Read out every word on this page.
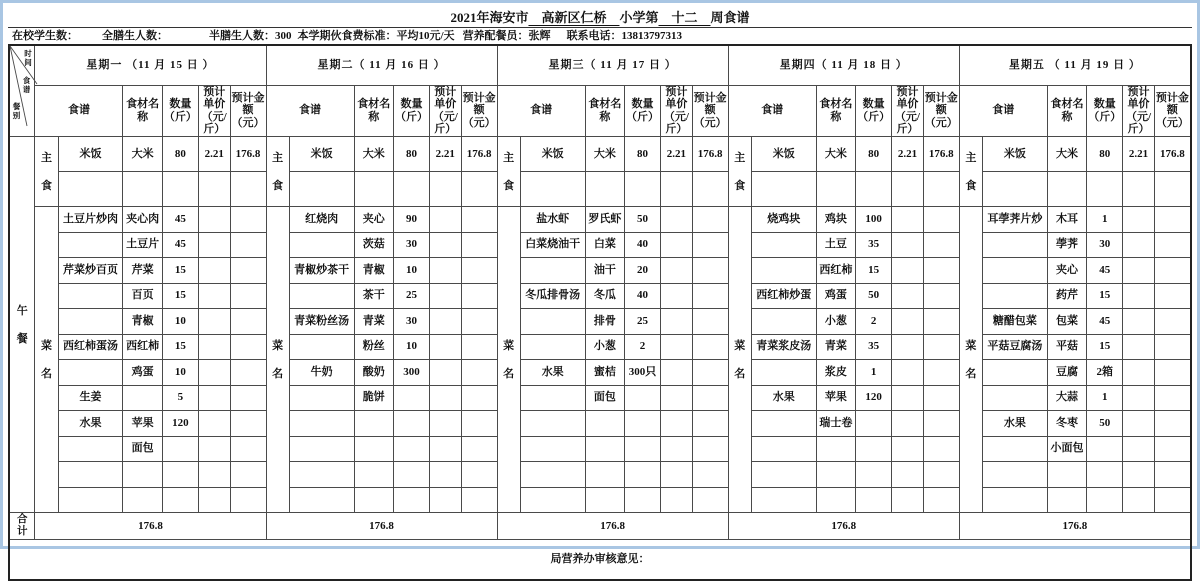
2021年海安市　高新区仁桥　小学第　十二　周食谱
在校学生数： 全膳生人数：	半膳生人数：300 本学期伙食费标准：平均10元/天 营养配餐员：张辉 联系电话：13813797313
时间
食谱
餐别	星期一 （11 月 15 日 ）						星期二（ 11 月 16 日 ）						星期三（ 11 月 17 日 ）						星期四（ 11 月 18 日 ）						星期五 （ 11 月 19 日 ）					
	食谱		食材名称	数量（斤）	预计单价（元/斤）	预计金额（元）	食谱		食材名称	数量（斤）	预计单价（元/斤）	预计金额（元）	食谱		食材名称	数量（斤）	预计单价（元/斤）	预计金额（元）	食谱		食材名称	数量（斤）	预计单价（元/斤）	预计金额（元）	食谱		食材名称	数量（斤）	预计单价（元/斤）	预计金额（元）
午餐	主食	米饭	大米	80	2.21	176.8	主食	米饭	大米	80	2.21	176.8	主食	米饭	大米	80	2.21	176.8	主食	米饭	大米	80	2.21	176.8	主食	米饭	大米	80	2.21	176.8

	菜名	土豆片炒肉	夹心肉	45			菜名	红烧肉	夹心	90			菜名	盐水虾	罗氏虾	50			菜名	烧鸡块	鸡块	100			菜名	耳荸荠片炒	木耳	1		
			土豆片	45					茨菇	30				白菜烧油干	白菜	40					土豆	35					荸荠	30		
		芹菜炒百页	芹菜	15				青椒炒茶干	青椒	10					油干	20					西红柿	15					夹心	45		
			百页	15					茶干	25				冬瓜排骨汤	冬瓜	40				西红柿炒蛋	鸡蛋	50					药芹	15		
			青椒	10				青菜粉丝汤	青菜	30					排骨	25					小葱	2				糖醋包菜	包菜	45		
		西红柿蛋汤	西红柿	15					粉丝	10					小葱	2				青菜浆皮汤	青菜	35				平菇豆腐汤	平菇	15		
			鸡蛋	10				牛奶	酸奶	300				水果	蜜桔	300只					浆皮	1					豆腐	2箱		
		生姜		5					脆饼						面包					水果	苹果	120					大蒜	1		
		水果	苹果	120																	瑞士卷					水果	冬枣	50		
			面包																								小面包			

合计	176.8						176.8						176.8						176.8						176.8					
局营养办审核意见：																														
